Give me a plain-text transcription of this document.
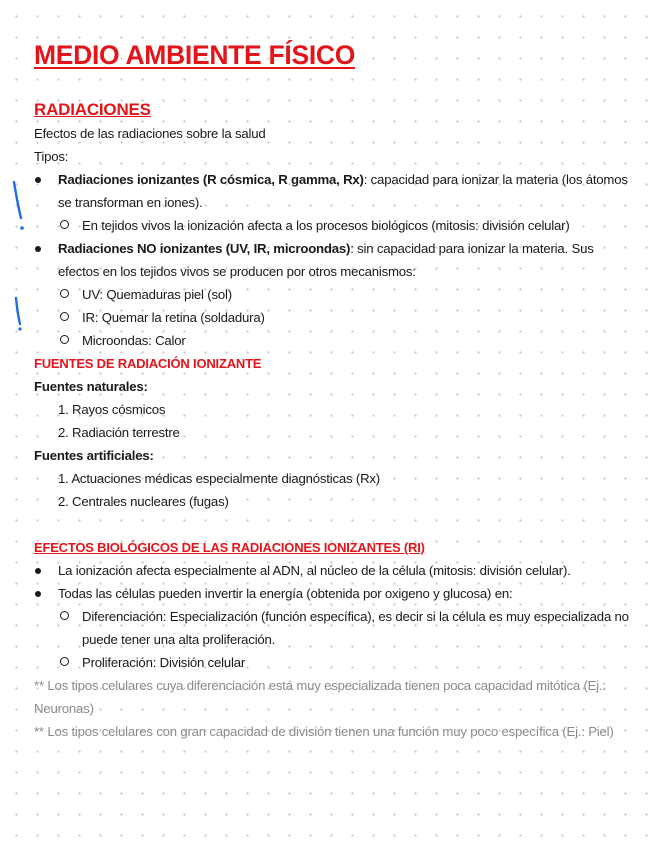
MEDIO AMBIENTE FÍSICO
RADIACIONES
Efectos de las radiaciones sobre la salud
Tipos:
Radiaciones ionizantes (R cósmica, R gamma, Rx): capacidad para ionizar la materia (los átomos se transforman en iones).
En tejidos vivos la ionización afecta a los procesos biológicos (mitosis: división celular)
Radiaciones NO ionizantes (UV, IR, microondas): sin capacidad para ionizar la materia. Sus efectos en los tejidos vivos se producen por otros mecanismos:
UV: Quemaduras piel (sol)
IR: Quemar la retina (soldadura)
Microondas: Calor
FUENTES DE RADIACIÓN IONIZANTE
Fuentes naturales:
1. Rayos cósmicos
2. Radiación terrestre
Fuentes artificiales:
1. Actuaciones médicas especialmente diagnósticas (Rx)
2. Centrales nucleares (fugas)
EFECTOS BIOLÓGICOS DE LAS RADIACIONES IONIZANTES (RI)
La ionización afecta especialmente al ADN, al núcleo de la célula (mitosis: división celular).
Todas las células pueden invertir la energía (obtenida por oxigeno y glucosa) en:
Diferenciación: Especialización (función específica), es decir si la célula es muy especializada no puede tener una alta proliferación.
Proliferación: División celular
** Los tipos celulares cuya diferenciación está muy especializada tienen poca capacidad mitótica (Ej.: Neuronas)
** Los tipos celulares con gran capacidad de división tienen una función muy poco específica (Ej.: Piel)
